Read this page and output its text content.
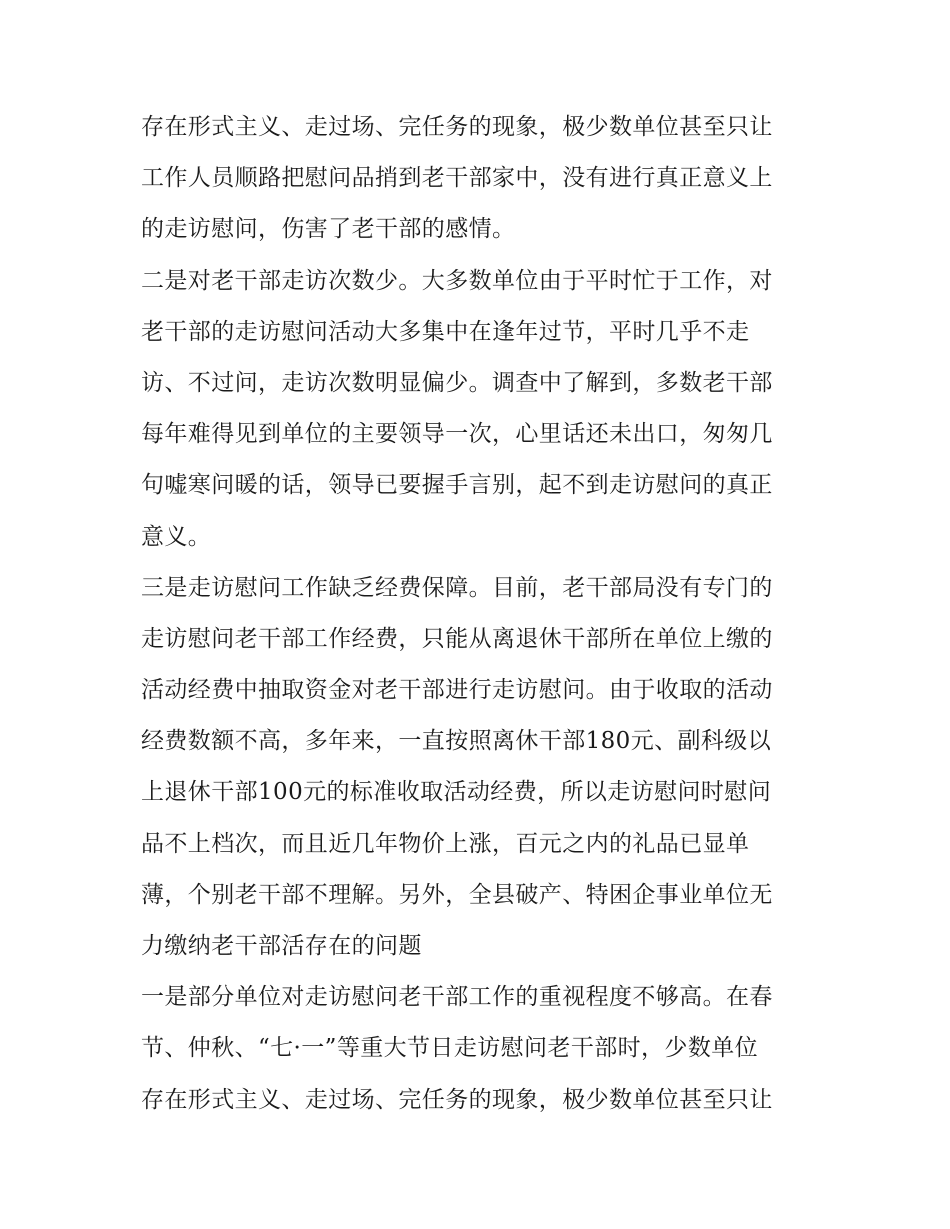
存在形式主义、走过场、完任务的现象，极少数单位甚至只让
工作人员顺路把慰问品捎到老干部家中，没有进行真正意义上
的走访慰问，伤害了老干部的感情。
二是对老干部走访次数少。大多数单位由于平时忙于工作，对
老干部的走访慰问活动大多集中在逢年过节，平时几乎不走
访、不过问，走访次数明显偏少。调查中了解到，多数老干部
每年难得见到单位的主要领导一次，心里话还未出口，匆匆几
句嘘寒问暖的话，领导已要握手言别，起不到走访慰问的真正
意义。
三是走访慰问工作缺乏经费保障。目前，老干部局没有专门的
走访慰问老干部工作经费，只能从离退休干部所在单位上缴的
活动经费中抽取资金对老干部进行走访慰问。由于收取的活动
经费数额不高，多年来，一直按照离休干部180元、副科级以
上退休干部100元的标准收取活动经费，所以走访慰问时慰问
品不上档次，而且近几年物价上涨，百元之内的礼品已显单
薄，个别老干部不理解。另外，全县破产、特困企事业单位无
力缴纳老干部活存在的问题
一是部分单位对走访慰问老干部工作的重视程度不够高。在春
节、仲秋、“七·一”等重大节日走访慰问老干部时，少数单位
存在形式主义、走过场、完任务的现象，极少数单位甚至只让
